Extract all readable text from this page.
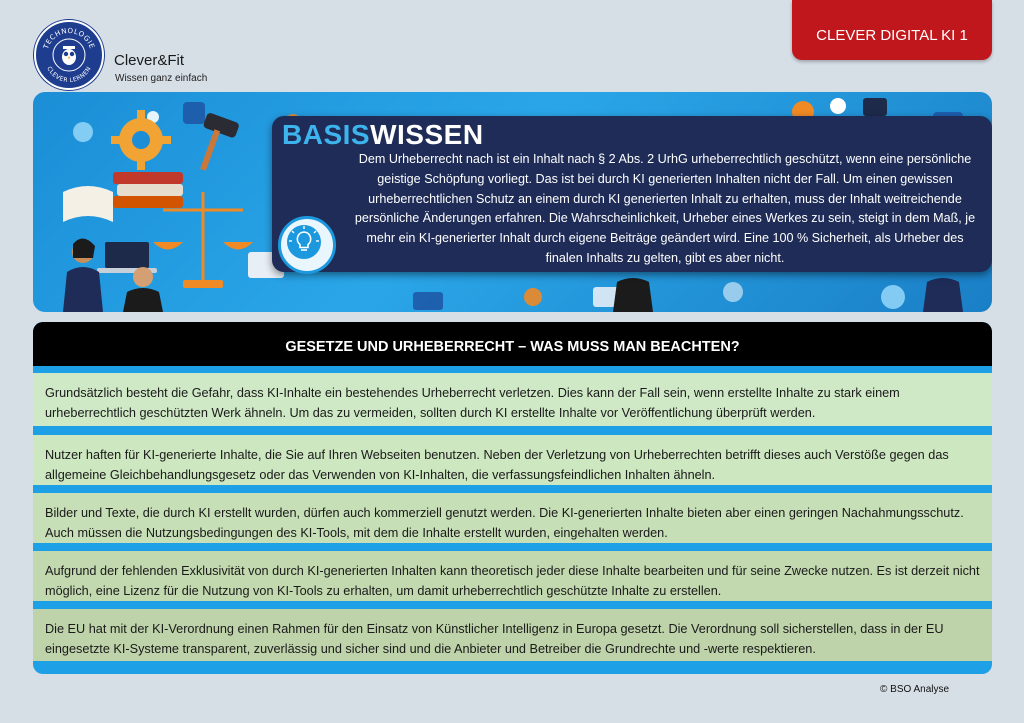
TECHNOLOGIE
CLEVER LERNEN
Clever&Fit
Wissen ganz einfach
CLEVER DIGITAL KI 1
BASISWISSEN
Dem Urheberrecht nach ist ein Inhalt nach § 2 Abs. 2 UrhG urheberrechtlich geschützt, wenn eine persönliche geistige Schöpfung vorliegt. Das ist bei durch KI generierten Inhalten nicht der Fall. Um einen gewissen urheberrechtlichen Schutz an einem durch KI generierten Inhalt zu erhalten, muss der Inhalt weitreichende persönliche Änderungen erfahren. Die Wahrscheinlichkeit, Urheber eines Werkes zu sein, steigt in dem Maß, je mehr ein KI-generierter Inhalt durch eigene Beiträge geändert wird. Eine 100 % Sicherheit, als Urheber des finalen Inhalts zu gelten, gibt es aber nicht.
GESETZE UND URHEBERRECHT – WAS MUSS MAN BEACHTEN?
Grundsätzlich besteht die Gefahr, dass KI-Inhalte ein bestehendes Urheberrecht verletzen. Dies kann der Fall sein, wenn erstellte Inhalte zu stark einem urheberrechtlich geschützten Werk ähneln. Um das zu vermeiden, sollten durch KI erstellte Inhalte vor Veröffentlichung überprüft werden.
Nutzer haften für KI-generierte Inhalte, die Sie auf Ihren Webseiten benutzen. Neben der Verletzung von Urheberrechten betrifft dieses auch Verstöße gegen das allgemeine Gleichbehandlungsgesetz oder das Verwenden von KI-Inhalten, die verfassungsfeindlichen Inhalten ähneln.
Bilder und Texte, die durch KI erstellt wurden, dürfen auch kommerziell genutzt werden. Die KI-generierten Inhalte bieten aber einen geringen Nachahmungsschutz. Auch müssen die Nutzungsbedingungen des KI-Tools, mit dem die Inhalte erstellt wurden, eingehalten werden.
Aufgrund der fehlenden Exklusivität von durch KI-generierten Inhalten kann theoretisch jeder diese Inhalte bearbeiten und für seine Zwecke nutzen. Es ist derzeit nicht möglich, eine Lizenz für die Nutzung von KI-Tools zu erhalten, um damit urheberrechtlich geschützte Inhalte zu erstellen.
Die EU hat mit der KI-Verordnung einen Rahmen für den Einsatz von Künstlicher Intelligenz in Europa gesetzt. Die Verordnung soll sicherstellen, dass in der EU eingesetzte KI-Systeme transparent, zuverlässig und sicher sind und die Anbieter und Betreiber die Grundrechte und -werte respektieren.
© BSO Analyse
